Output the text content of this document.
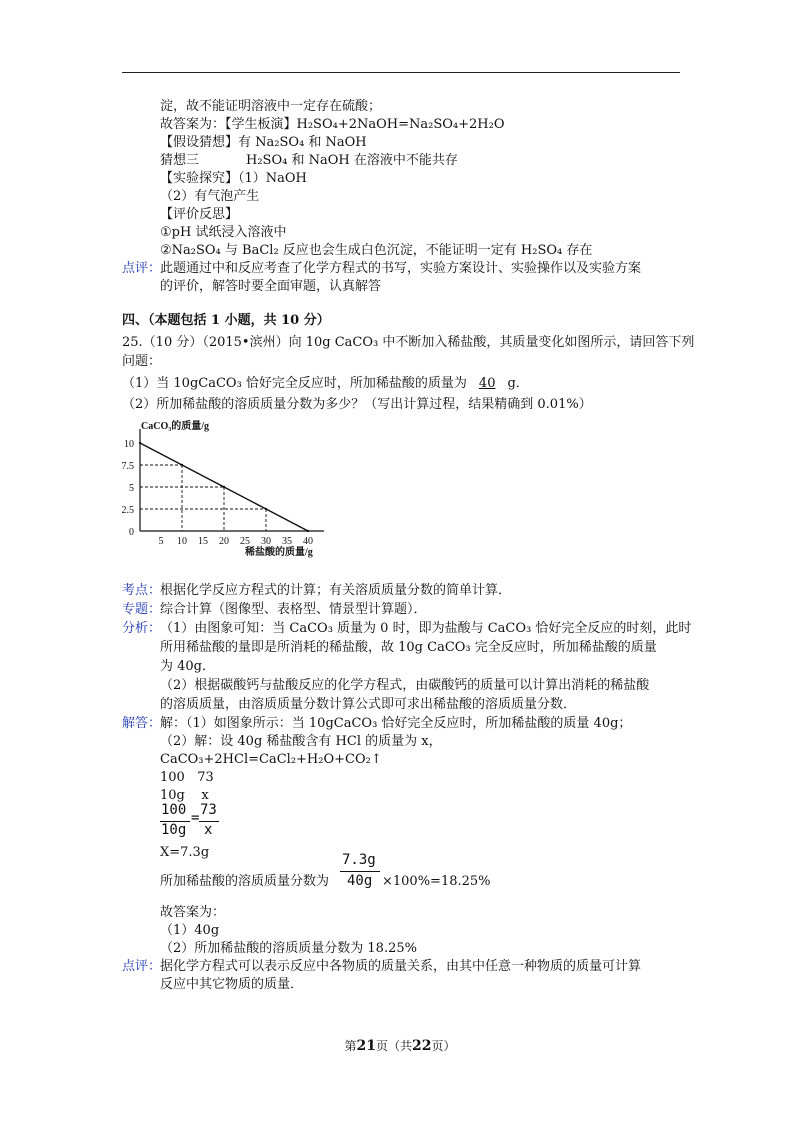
淀，故不能证明溶液中一定存在硫酸；
故答案为：【学生板演】H₂SO₄+2NaOH=Na₂SO₄+2H₂O
【假设猜想】有 Na₂SO₄ 和 NaOH
猜想三	H₂SO₄ 和 NaOH 在溶液中不能共存
【实验探究】（1）NaOH
（2）有气泡产生
【评价反思】
①pH 试纸浸入溶液中
②Na₂SO₄ 与 BaCl₂ 反应也会生成白色沉淀，不能证明一定有 H₂SO₄ 存在
点评：
此题通过中和反应考查了化学方程式的书写，实验方案设计、实验操作以及实验方案
的评价，解答时要全面审题，认真解答
四、（本题包括 1 小题，共 10 分）
25.（10 分）（2015•滨州）向 10g CaCO₃ 中不断加入稀盐酸，其质量变化如图所示，请回答下列
问题：
（1）当 10gCaCO₃ 恰好完全反应时，所加稀盐酸的质量为 40 g．
（2）所加稀盐酸的溶质质量分数为多少？（写出计算过程，结果精确到 0.01%）
CaCO₃的质量/g
稀盐酸的质量/g
10
7.5
5
2.5
0
5 10 15 20 25 30 35 40
考点：
根据化学反应方程式的计算；有关溶质质量分数的简单计算．
专题：
综合计算（图像型、表格型、情景型计算题）．
分析：
（1）由图象可知：当 CaCO₃ 质量为 0 时，即为盐酸与 CaCO₃ 恰好完全反应的时刻，此时
所用稀盐酸的量即是所消耗的稀盐酸，故 10g CaCO₃ 完全反应时，所加稀盐酸的质量
为 40g．
（2）根据碳酸钙与盐酸反应的化学方程式，由碳酸钙的质量可以计算出消耗的稀盐酸
的溶质质量，由溶质质量分数计算公式即可求出稀盐酸的溶质质量分数．
解答：
解：（1）如图象所示：当 10gCaCO₃ 恰好完全反应时，所加稀盐酸的质量 40g；
（2）解：设 40g 稀盐酸含有 HCl 的质量为 x，
CaCO₃+2HCl=CaCl₂+H₂O+CO₂↑
100   73
10g    x
100
10g
= 73
x
X=7.3g
所加稀盐酸的溶质质量分数为
7.3g
40g ×100%=18.25%
故答案为：
（1）40g
（2）所加稀盐酸的溶质质量分数为 18.25%
点评：
据化学方程式可以表示反应中各物质的质量关系，由其中任意一种物质的质量可计算
反应中其它物质的质量．
第21页（共22页）
